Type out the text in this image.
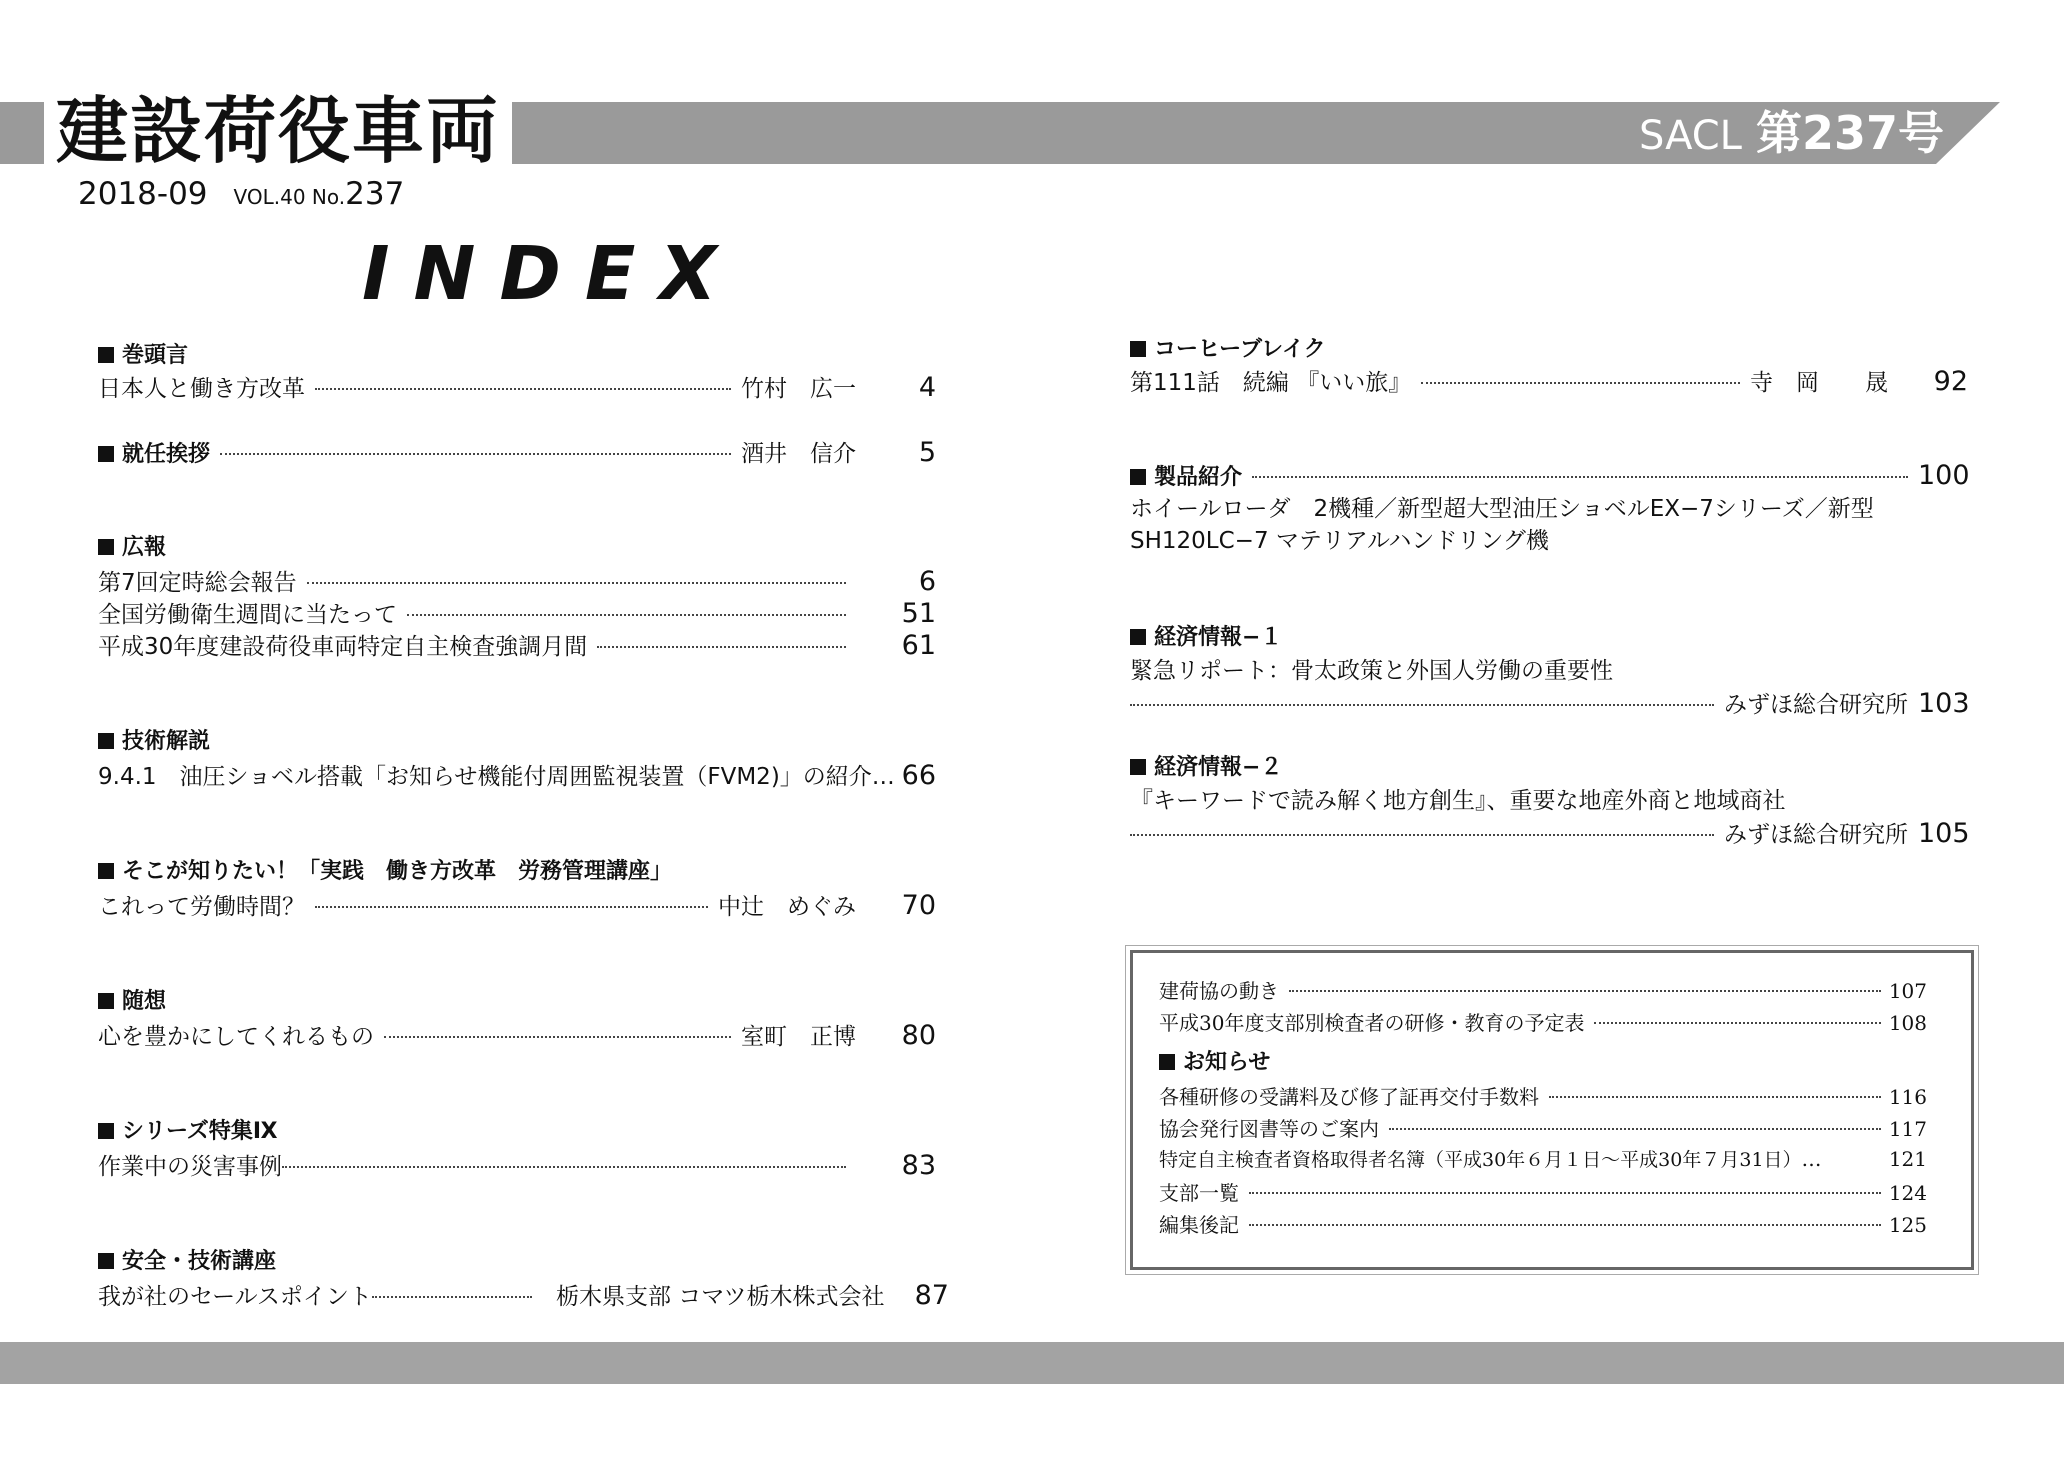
建設荷役車両	SACL 第237号
2018-09 VOL.40 No.237
INDEX
巻頭言
日本人と働き方改革	竹村　広一	4
就任挨拶	酒井　信介	5
広報
第7回定時総会報告	6
全国労働衛生週間に当たって	51
平成30年度建設荷役車両特定自主検査強調月間	61
技術解説
9.4.1　油圧ショベル搭載「お知らせ機能付周囲監視装置（FVM2)」の紹介… 66
そこが知りたい！「実践　働き方改革　労務管理講座」
これって労働時間？	中辻　めぐみ	70
随想
心を豊かにしてくれるもの	室町　正博	80
シリーズ特集Ⅸ
作業中の災害事例	83
安全・技術講座
我が社のセールスポイント	栃木県支部 コマツ栃木株式会社 87
コーヒーブレイク
第111話　続編 『いい旅』	寺　岡　　晟	92
製品紹介	100
ホイールローダ　2機種／新型超大型油圧ショベルEX−7シリーズ／新型
SH120LC−7 マテリアルハンドリング機
経済情報−１
緊急リポート：骨太政策と外国人労働の重要性
みずほ総合研究所 103
経済情報−２
『キーワードで読み解く地方創生』、重要な地産外商と地域商社
みずほ総合研究所 105
建荷協の動き	107
平成30年度支部別検査者の研修・教育の予定表	108
お知らせ
各種研修の受講料及び修了証再交付手数料	116
協会発行図書等のご案内	117
特定自主検査者資格取得者名簿（平成30年６月１日〜平成30年７月31日） …	121
支部一覧	124
編集後記	125
